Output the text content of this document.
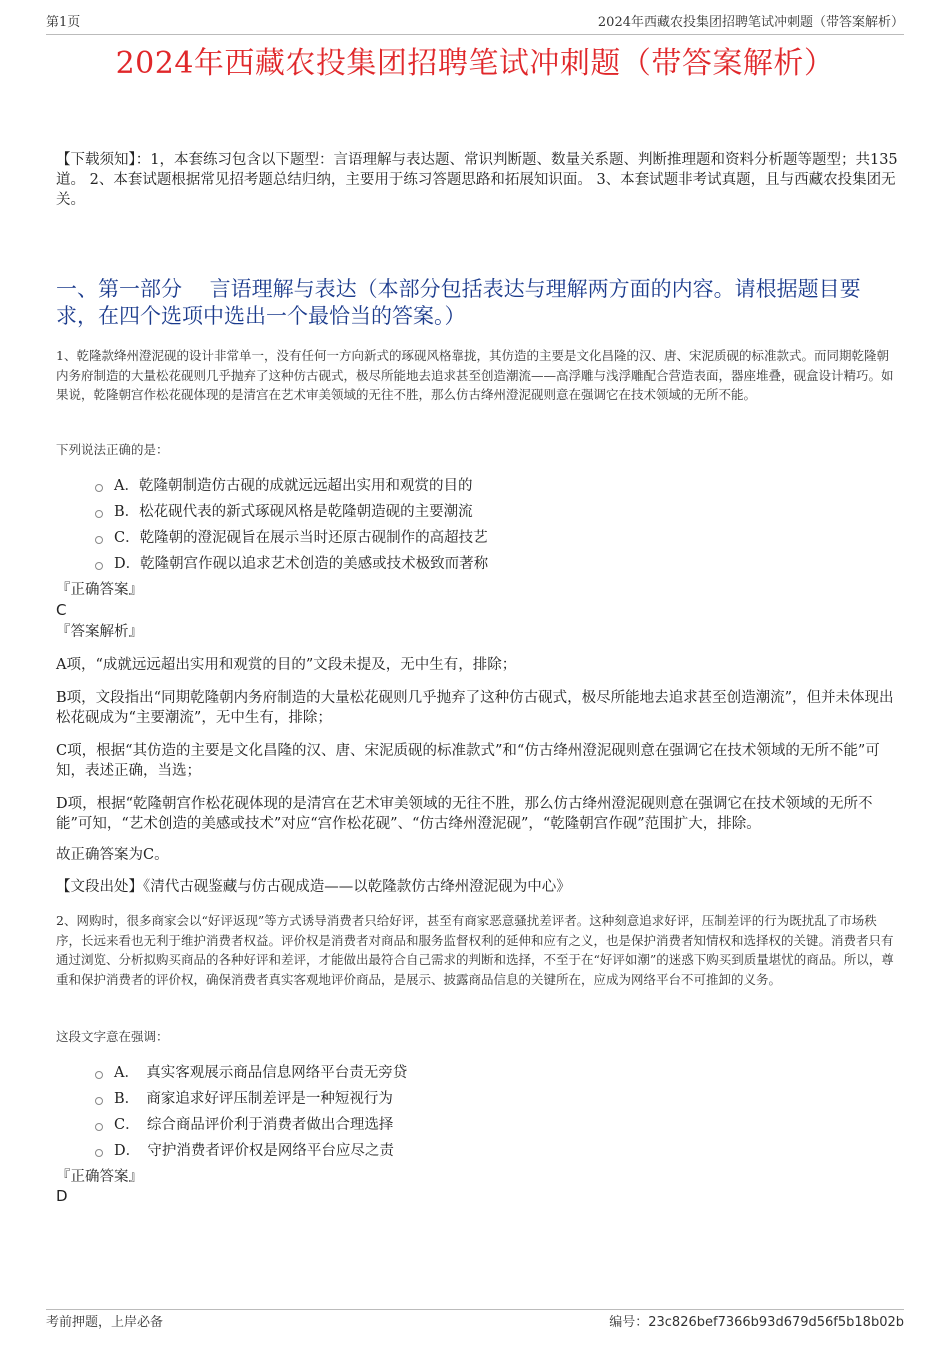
第1页	2024年西藏农投集团招聘笔试冲刺题（带答案解析）
2024年西藏农投集团招聘笔试冲刺题（带答案解析）
【下载须知】：1，本套练习包含以下题型：言语理解与表达题、常识判断题、数量关系题、判断推理题和资料分析题等题型；共135道。 2、本套试题根据常见招考题总结归纳，主要用于练习答题思路和拓展知识面。 3、本套试题非考试真题，且与西藏农投集团无关。
一、第一部分　 言语理解与表达（本部分包括表达与理解两方面的内容。请根据题目要求，在四个选项中选出一个最恰当的答案。）
1、乾隆款绛州澄泥砚的设计非常单一，没有任何一方向新式的琢砚风格靠拢，其仿造的主要是文化昌隆的汉、唐、宋泥质砚的标准款式。而同期乾隆朝内务府制造的大量松花砚则几乎抛弃了这种仿古砚式，极尽所能地去追求甚至创造潮流——高浮雕与浅浮雕配合营造表面，器座堆叠，砚盒设计精巧。如果说，乾隆朝宫作松花砚体现的是清宫在艺术审美领域的无往不胜，那么仿古绛州澄泥砚则意在强调它在技术领域的无所不能。
下列说法正确的是：
A．乾隆朝制造仿古砚的成就远远超出实用和观赏的目的
B．松花砚代表的新式琢砚风格是乾隆朝造砚的主要潮流
C．乾隆朝的澄泥砚旨在展示当时还原古砚制作的高超技艺
D．乾隆朝宫作砚以追求艺术创造的美感或技术极致而著称
『正确答案』
C
『答案解析』
A项，“成就远远超出实用和观赏的目的”文段未提及，无中生有，排除；
B项，文段指出“同期乾隆朝内务府制造的大量松花砚则几乎抛弃了这种仿古砚式，极尽所能地去追求甚至创造潮流”，但并未体现出松花砚成为“主要潮流”，无中生有，排除；
C项，根据“其仿造的主要是文化昌隆的汉、唐、宋泥质砚的标准款式”和“仿古绛州澄泥砚则意在强调它在技术领域的无所不能”可知，表述正确，当选；
D项，根据“乾隆朝宫作松花砚体现的是清宫在艺术审美领域的无往不胜，那么仿古绛州澄泥砚则意在强调它在技术领域的无所不能”可知，“艺术创造的美感或技术”对应“宫作松花砚”、“仿古绛州澄泥砚”，“乾隆朝宫作砚”范围扩大，排除。
故正确答案为C。
【文段出处】《清代古砚鉴藏与仿古砚成造——以乾隆款仿古绛州澄泥砚为中心》
2、网购时，很多商家会以“好评返现”等方式诱导消费者只给好评，甚至有商家恶意骚扰差评者。这种刻意追求好评，压制差评的行为既扰乱了市场秩序，长远来看也无利于维护消费者权益。评价权是消费者对商品和服务监督权利的延伸和应有之义，也是保护消费者知情权和选择权的关键。消费者只有通过浏览、分析拟购买商品的各种好评和差评，才能做出最符合自己需求的判断和选择，不至于在“好评如潮”的迷惑下购买到质量堪忧的商品。所以，尊重和保护消费者的评价权，确保消费者真实客观地评价商品，是展示、披露商品信息的关键所在，应成为网络平台不可推卸的义务。
这段文字意在强调：
A．　真实客观展示商品信息网络平台责无旁贷
B．　商家追求好评压制差评是一种短视行为
C．　综合商品评价利于消费者做出合理选择
D．　守护消费者评价权是网络平台应尽之责
『正确答案』
D
考前押题，上岸必备	编号：23c826bef7366b93d679d56f5b18b02b
